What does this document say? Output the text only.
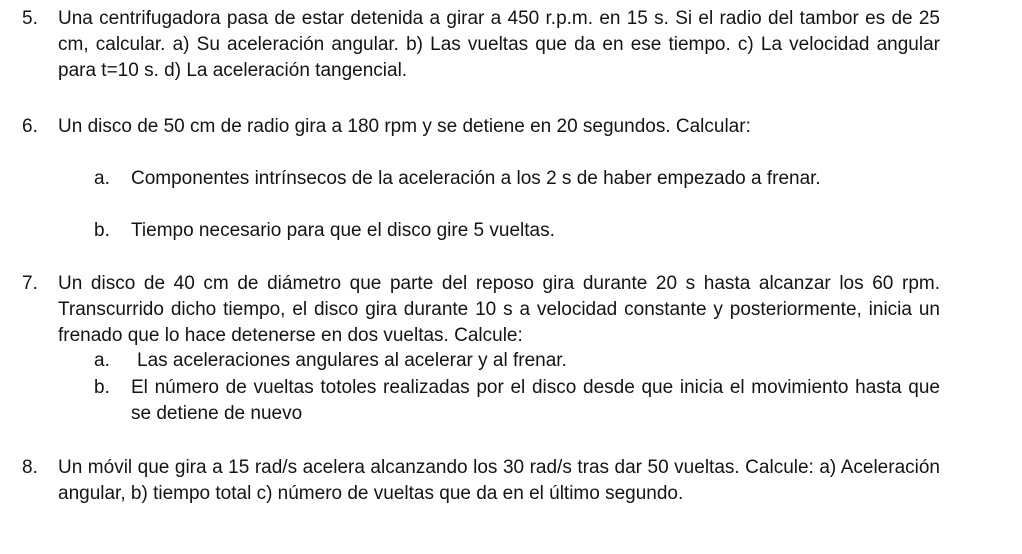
5.	Una centrifugadora pasa de estar detenida a girar a 450 r.p.m. en 15 s. Si el radio del tambor es de 25 cm, calcular. a) Su aceleración angular. b) Las vueltas que da en ese tiempo. c) La velocidad angular para t=10 s. d) La aceleración tangencial.
6.	Un disco de 50 cm de radio gira a 180 rpm y se detiene en 20 segundos. Calcular:
a. Componentes intrínsecos de la aceleración a los 2 s de haber empezado a frenar.
b. Tiempo necesario para que el disco gire 5 vueltas.
7.	Un disco de 40 cm de diámetro que parte del reposo gira durante 20 s hasta alcanzar los 60 rpm. Transcurrido dicho tiempo, el disco gira durante 10 s a velocidad constante y posteriormente, inicia un frenado que lo hace detenerse en dos vueltas. Calcule:
a. Las aceleraciones angulares al acelerar y al frenar.
b. El número de vueltas totoles realizadas por el disco desde que inicia el movimiento hasta que se detiene de nuevo
8.	Un móvil que gira a 15 rad/s acelera alcanzando los 30 rad/s tras dar 50 vueltas. Calcule: a) Aceleración angular, b) tiempo total c) número de vueltas que da en el último segundo.
